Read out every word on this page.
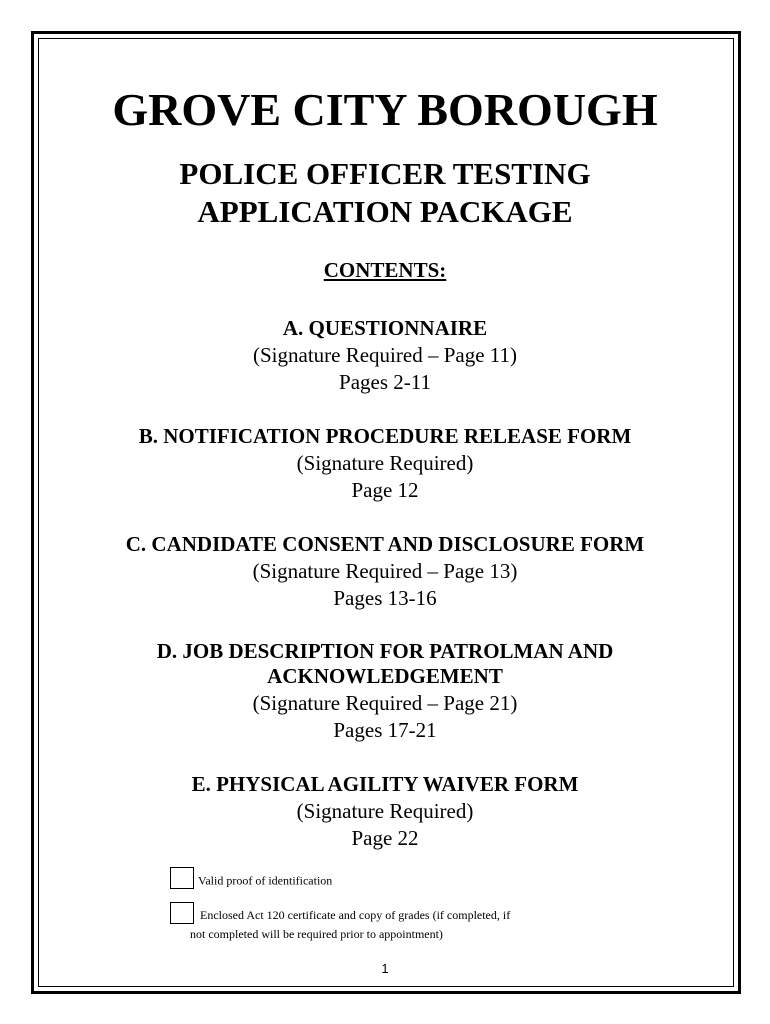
GROVE CITY BOROUGH
POLICE OFFICER TESTING
APPLICATION PACKAGE
CONTENTS:
A. QUESTIONNAIRE
(Signature Required – Page 11)
Pages 2-11
B. NOTIFICATION PROCEDURE RELEASE FORM
(Signature Required)
Page 12
C. CANDIDATE CONSENT AND DISCLOSURE FORM
(Signature Required – Page 13)
Pages 13-16
D. JOB DESCRIPTION FOR PATROLMAN AND
ACKNOWLEDGEMENT
(Signature Required – Page 21)
Pages 17-21
E. PHYSICAL AGILITY WAIVER FORM
(Signature Required)
Page 22
Valid proof of identification
Enclosed Act 120 certificate and copy of grades (if completed, if
not completed will be required prior to appointment)
1
